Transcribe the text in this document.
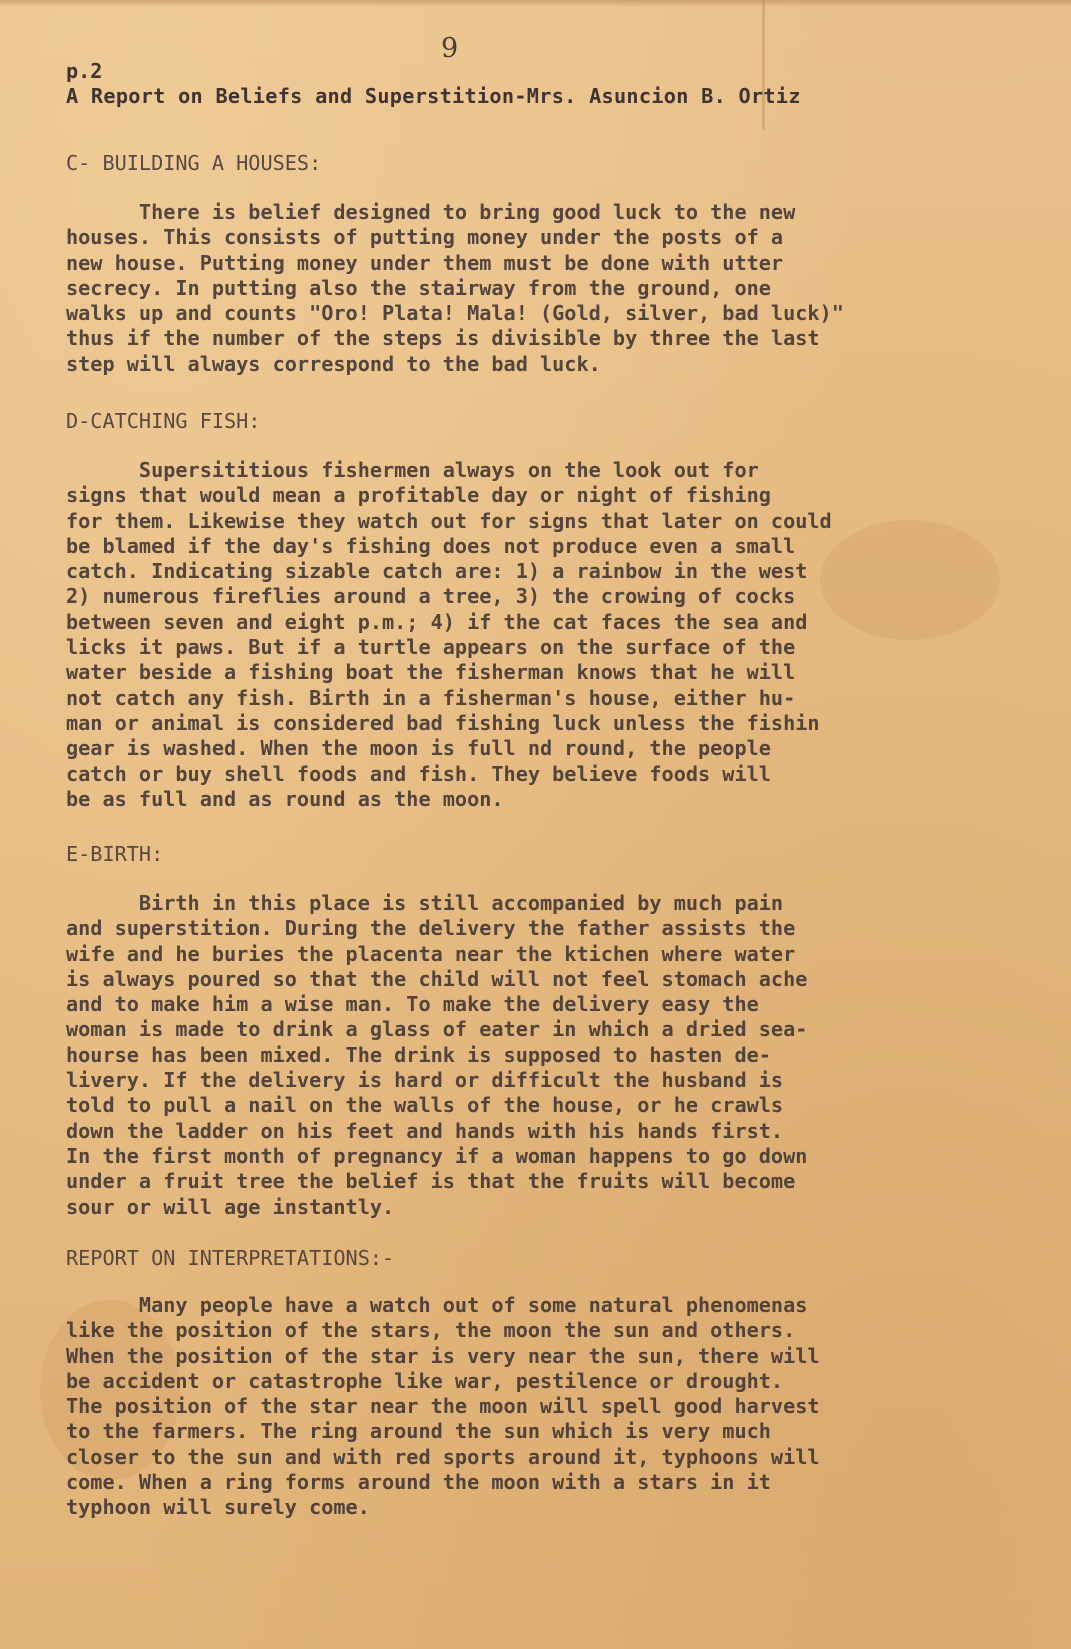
9
p.2
A Report on Beliefs and Superstition-Mrs. Asuncion B. Ortiz
C- BUILDING A HOUSES:
There is belief designed to bring good luck to the new
houses. This consists of putting money under the posts of a
new house. Putting money under them must be done with utter
secrecy. In putting also the stairway from the ground, one
walks up and counts "Oro! Plata! Mala! (Gold, silver, bad luck)"
thus if the number of the steps is divisible by three the last
step will always correspond to the bad luck.
D-CATCHING FISH:
Supersititious fishermen always on the look out for
signs that would mean a profitable day or night of fishing
for them. Likewise they watch out for signs that later on could
be blamed if the day's fishing does not produce even a small
catch. Indicating sizable catch are: 1) a rainbow in the west
2) numerous fireflies around a tree, 3) the crowing of cocks
between seven and eight p.m.; 4) if the cat faces the sea and
licks it paws. But if a turtle appears on the surface of the
water beside a fishing boat the fisherman knows that he will
not catch any fish. Birth in a fisherman's house, either hu-
man or animal is considered bad fishing luck unless the fishin
gear is washed. When the moon is full nd round, the people
catch or buy shell foods and fish. They believe foods will
be as full and as round as the moon.
E-BIRTH:
Birth in this place is still accompanied by much pain
and superstition. During the delivery the father assists the
wife and he buries the placenta near the ktichen where water
is always poured so that the child will not feel stomach ache
and to make him a wise man. To make the delivery easy the
woman is made to drink a glass of eater in which a dried sea-
hourse has been mixed. The drink is supposed to hasten de-
livery. If the delivery is hard or difficult the husband is
told to pull a nail on the walls of the house, or he crawls
down the ladder on his feet and hands with his hands first.
In the first month of pregnancy if a woman happens to go down
under a fruit tree the belief is that the fruits will become
sour or will age instantly.
REPORT ON INTERPRETATIONS:-
Many people have a watch out of some natural phenomenas
like the position of the stars, the moon the sun and others.
When the position of the star is very near the sun, there will
be accident or catastrophe like war, pestilence or drought.
The position of the star near the moon will spell good harvest
to the farmers. The ring around the sun which is very much
closer to the sun and with red sports around it, typhoons will
come. When a ring forms around the moon with a stars in it
typhoon will surely come.
